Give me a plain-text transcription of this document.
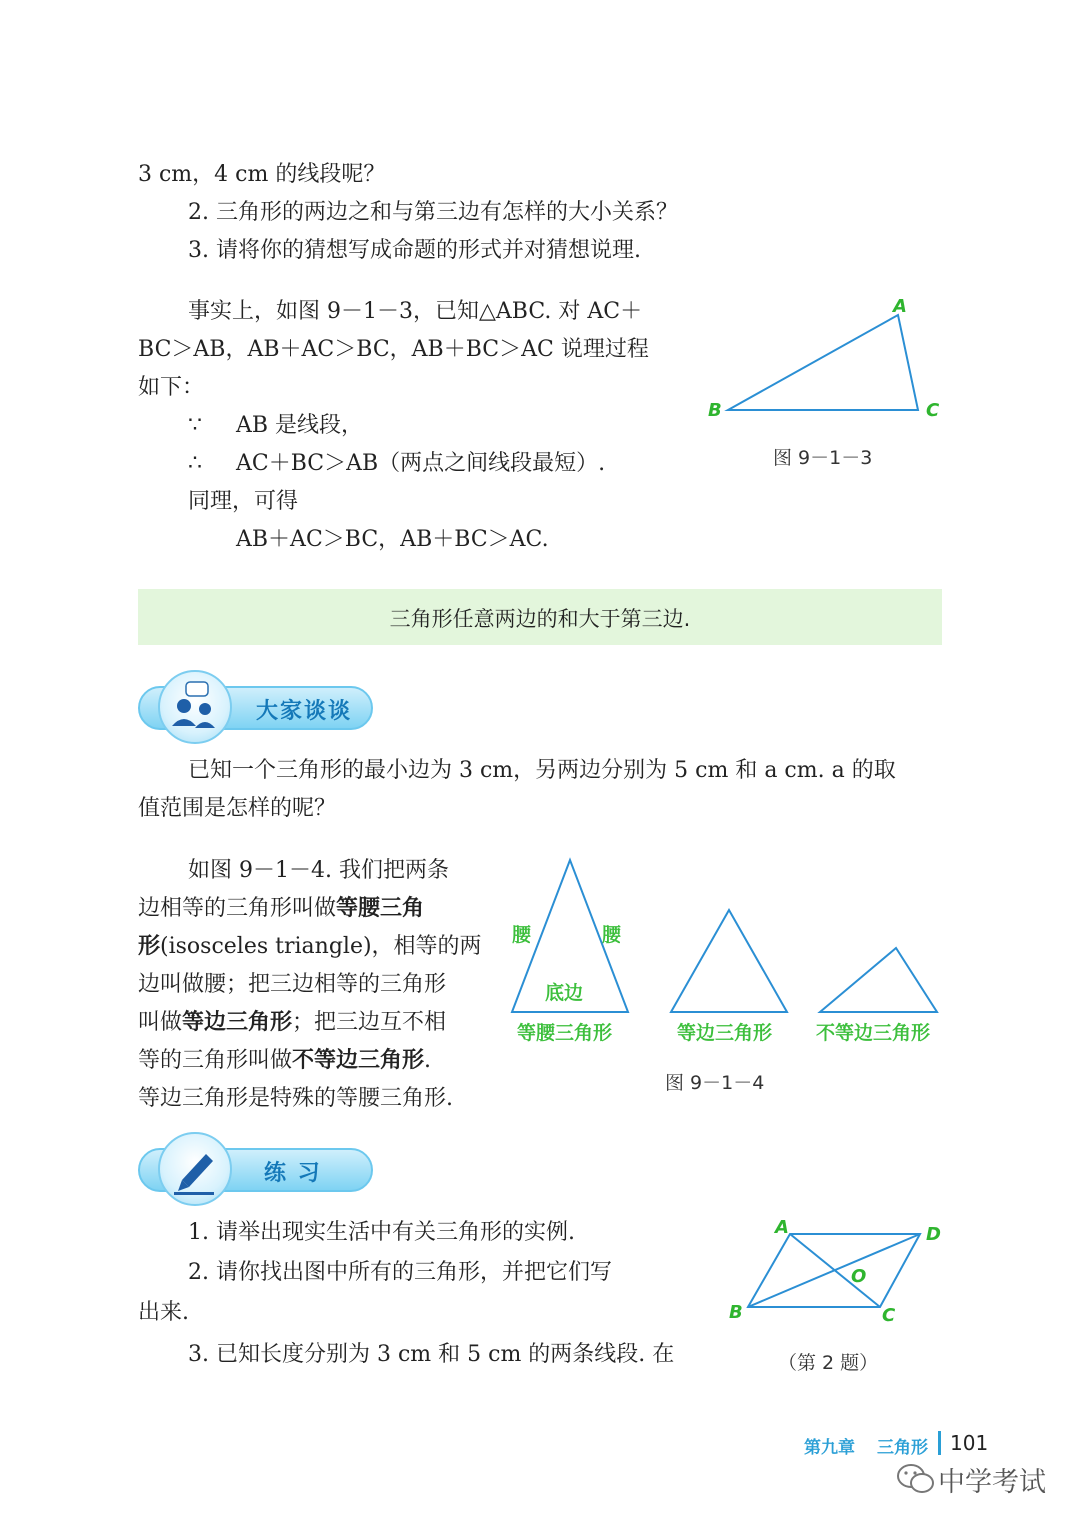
3 cm，4 cm 的线段呢？
2. 三角形的两边之和与第三边有怎样的大小关系？
3. 请将你的猜想写成命题的形式并对猜想说理.
事实上，如图 9－1－3，已知△ABC. 对 AC＋
BC＞AB，AB＋AC＞BC，AB＋BC＞AC 说理过程
如下：
∵ AB 是线段，
∴ AC＋BC＞AB（两点之间线段最短）.
同理，可得
AB＋AC＞BC，AB＋BC＞AC.
A
B	C
图 9－1－3
三角形任意两边的和大于第三边.
大家谈谈
已知一个三角形的最小边为 3 cm，另两边分别为 5 cm 和 a cm. a 的取
值范围是怎样的呢？
如图 9－1－4. 我们把两条
边相等的三角形叫做等腰三角
形(isosceles triangle)，相等的两
边叫做腰；把三边相等的三角形
叫做等边三角形；把三边互不相
等的三角形叫做不等边三角形.
等边三角形是特殊的等腰三角形.
腰	腰
底边
等腰三角形	等边三角形 不等边三角形
图 9－1－4
练 习
1. 请举出现实生活中有关三角形的实例.
2. 请你找出图中所有的三角形，并把它们写
出来.
3. 已知长度分别为 3 cm 和 5 cm 的两条线段. 在
A	D
O
B	C
（第 2 题）
第九章 三角形 101
中学考试
